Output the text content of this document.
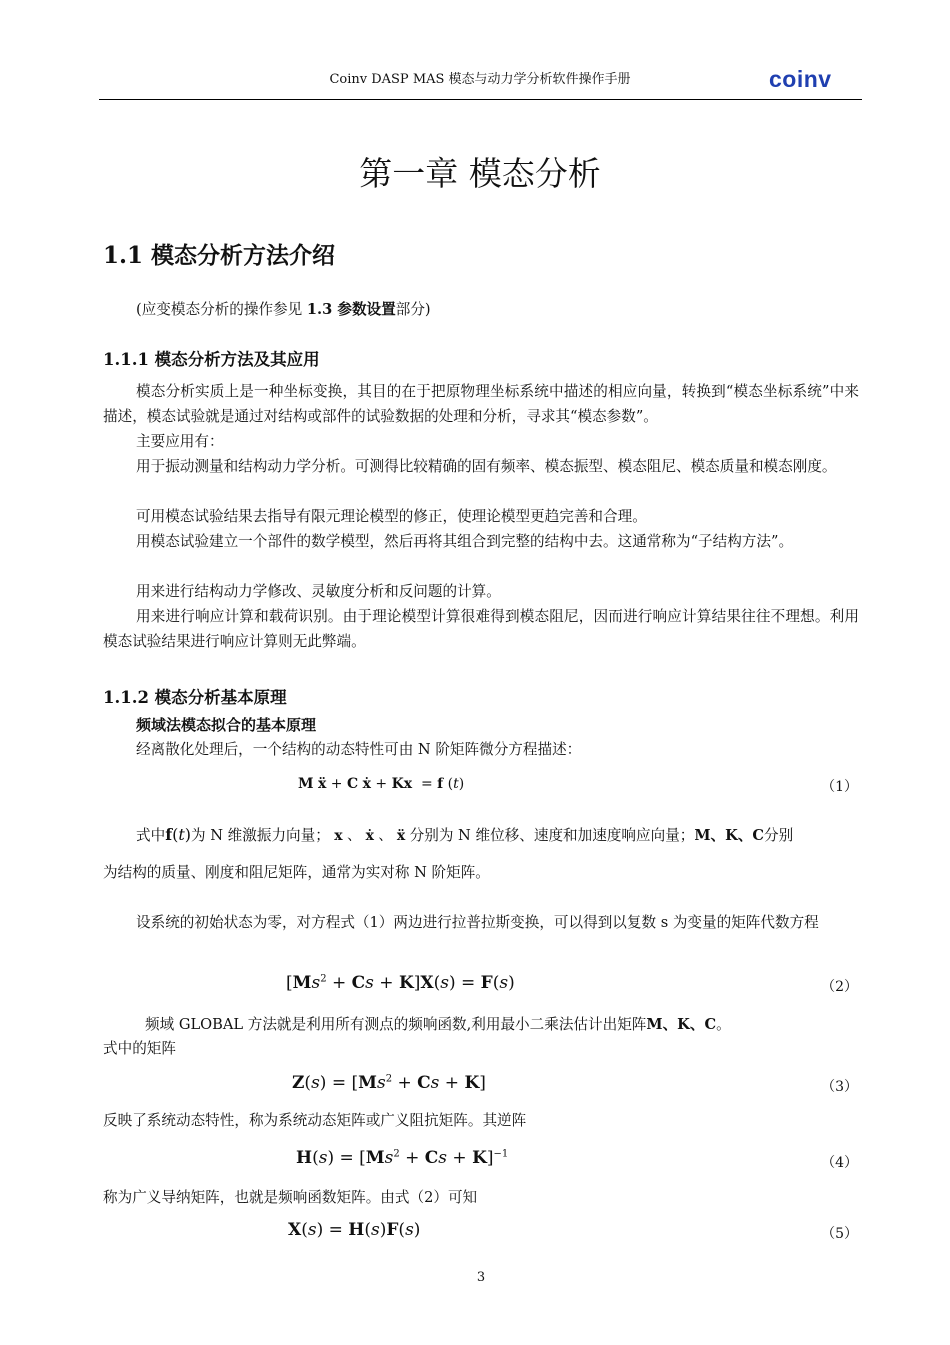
Coinv DASP MAS 模态与动力学分析软件操作手册	coinv
第一章 模态分析
1.1 模态分析方法介绍
(应变模态分析的操作参见 1.3 参数设置部分)
1.1.1 模态分析方法及其应用
模态分析实质上是一种坐标变换，其目的在于把原物理坐标系统中描述的相应向量，转换到“模态坐标系统”中来描述，模态试验就是通过对结构或部件的试验数据的处理和分析，寻求其“模态参数”。
主要应用有：
用于振动测量和结构动力学分析。可测得比较精确的固有频率、模态振型、模态阻尼、模态质量和模态刚度。
可用模态试验结果去指导有限元理论模型的修正，使理论模型更趋完善和合理。
用模态试验建立一个部件的数学模型，然后再将其组合到完整的结构中去。这通常称为“子结构方法”。
用来进行结构动力学修改、灵敏度分析和反问题的计算。
用来进行响应计算和载荷识别。由于理论模型计算很难得到模态阻尼，因而进行响应计算结果往往不理想。利用模态试验结果进行响应计算则无此弊端。
1.1.2 模态分析基本原理
频域法模态拟合的基本原理
经离散化处理后，一个结构的动态特性可由 N 阶矩阵微分方程描述：
M ẍ + C ẋ + Kx  = f (t)	（1）
式中f(t)为 N 维激振力向量； x 、 ẋ 、 ẍ 分别为 N 维位移、速度和加速度响应向量；M、K、C分别
为结构的质量、刚度和阻尼矩阵，通常为实对称 N 阶矩阵。
设系统的初始状态为零，对方程式（1）两边进行拉普拉斯变换，可以得到以复数 s 为变量的矩阵代数方程
$[Ms^2 + Cs + K]X(s) = F(s)$	（2）
频域 GLOBAL 方法就是利用所有测点的频响函数,利用最小二乘法估计出矩阵M、K、C。
式中的矩阵
$Z(s) = [Ms^2 + Cs + K]$	（3）
反映了系统动态特性，称为系统动态矩阵或广义阻抗矩阵。其逆阵
$H(s) = [Ms^2 + Cs + K]^{-1}$
（4）
称为广义导纳矩阵，也就是频响函数矩阵。由式（2）可知
X(s) = H(s)F(s)	（5）
3
